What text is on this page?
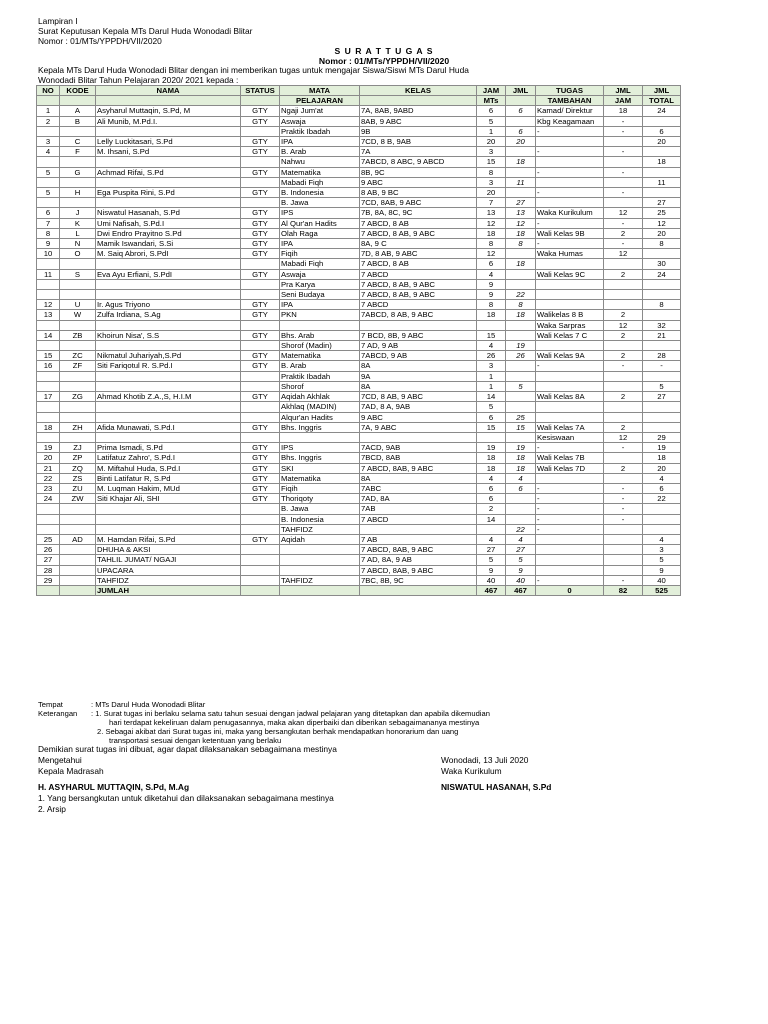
Lampiran I
Surat Keputusan Kepala MTs Darul Huda Wonodadi Blitar
Nomor : 01/MTs/YPPDH/VII/2020
S U R A T T U G A S
Nomor : 01/MTs/YPPDH/VII/2020
Kepala MTs Darul Huda Wonodadi Blitar dengan ini memberikan tugas untuk mengajar Siswa/Siswi MTs Darul Huda
Wonodadi Blitar Tahun Pelajaran 2020/ 2021 kepada :
NO	KODE	NAMA	STATUS	MATA	KELAS	JAM	JML	TUGAS	JML	JML
				PELAJARAN		MTs		TAMBAHAN	JAM	TOTAL
1	A	Asyharul Muttaqin, S.Pd, M	GTY	Ngaji Jum'at	7A, 8AB, 9ABD	6	6	Kamad/ Direktur	18	24
2	B	Ali Munib, M.Pd.I.	GTY	Aswaja	8AB, 9 ABC	5		Kbg Keagamaan	-	
				Praktik Ibadah	9B	1	6	-	-	6
3	C	Lelly Luckitasari, S.Pd	GTY	IPA	7CD, 8 B, 9AB	20	20			20
4	F	M. Ihsani, S.Pd	GTY	B. Arab	7A	3		-	-	
				Nahwu	7ABCD, 8 ABC, 9 ABCD	15	18			18
5	G	Achmad Rifai, S.Pd	GTY	Matematika	8B, 9C	8		-	-	
				Mabadi Fiqh	9 ABC	3	11			11
5	H	Ega Puspita Rini, S.Pd	GTY	B. Indonesia	8 AB, 9 BC	20		-	-	
				B. Jawa	7CD, 8AB, 9 ABC	7	27			27
6	J	Niswatul Hasanah, S.Pd	GTY	IPS	7B, 8A, 8C, 9C	13	13	Waka Kurikulum	12	25
7	K	Umi Nafisah, S.Pd.I	GTY	Al Qur'an Hadits	7 ABCD, 8 AB	12	12	-	-	12
8	L	Dwi Endro Prayitno S.Pd	GTY	Olah Raga	7 ABCD, 8 AB, 9 ABC	18	18	Wali Kelas 9B	2	20
9	N	Mamik Iswandari, S.Si	GTY	IPA	8A, 9 C	8	8	-	-	8
10	O	M. Saiq Abrori, S.PdI	GTY	Fiqih	7D, 8 AB, 9 ABC	12		Waka Humas	12	
				Mabadi Fiqh	7 ABCD, 8 AB	6	18			30
11	S	Eva Ayu Erfiani, S.PdI	GTY	Aswaja	7 ABCD	4		Wali Kelas 9C	2	24
				Pra Karya	7 ABCD, 8 AB, 9 ABC	9				
				Seni Budaya	7 ABCD, 8 AB, 9 ABC	9	22			
12	U	Ir. Agus Triyono	GTY	IPA	7 ABCD	8	8			8
13	W	Zulfa Irdiana, S.Ag	GTY	PKN	7ABCD, 8 AB, 9 ABC	18	18	Walikelas 8 B	2	
								Waka Sarpras	12	32
14	ZB	Khoirun Nisa', S.S	GTY	Bhs. Arab	7 BCD, 8B, 9 ABC	15		Wali Kelas 7 C	2	21
				Shorof (Madin)	7 AD, 9 AB	4	19			
15	ZC	Nikmatul Juhariyah,S.Pd	GTY	Matematika	7ABCD, 9 AB	26	26	Wali Kelas 9A	2	28
16	ZF	Siti Fariqotul R. S.Pd.I	GTY	B. Arab	8A	3		-	-	-
				Praktik Ibadah	9A	1				
				Shorof	8A	1	5			5
17	ZG	Ahmad Khotib Z.A.,S, H.I.M	GTY	Aqidah Akhlak	7CD, 8 AB, 9 ABC	14		Wali Kelas 8A	2	27
				Akhlaq (MADIN)	7AD, 8 A, 9AB	5				
				Alqur'an Hadits	9 ABC	6	25			
18	ZH	Afida Munawati, S.Pd.I	GTY	Bhs. Inggris	7A, 9 ABC	15	15	Wali Kelas 7A	2	
								Kesiswaan	12	29
19	ZJ	Prima Ismadi, S.Pd	GTY	IPS	7ACD, 9AB	19	19	-	-	19
20	ZP	Latifatuz Zahro', S.Pd.I	GTY	Bhs. Inggris	7BCD, 8AB	18	18	Wali Kelas 7B		18
21	ZQ	M. Miftahul Huda, S.Pd.I	GTY	SKI	7 ABCD, 8AB, 9 ABC	18	18	Wali Kelas 7D	2	20
22	ZS	Binti Latifatur R, S.Pd	GTY	Matematika	8A	4	4			4
23	ZU	M. Luqman Hakim, MUd	GTY	Fiqih	7ABC	6	6	-	-	6
24	ZW	Siti Khajar Ali, SHI	GTY	Thoriqoty	7AD, 8A	6		-	-	22
				B. Jawa	7AB	2		-	-	
				B. Indonesia	7 ABCD	14		-	-	
				TAHFIDZ			22	-		
25	AD	M. Hamdan Rifai, S.Pd	GTY	Aqidah	7 AB	4	4			4
26		DHUHA & AKSI			7 ABCD, 8AB, 9 ABC	27	27			3
27		TAHLIL JUMAT/ NGAJI			7 AD, 8A, 9 AB	5	5			5
28		UPACARA			7 ABCD, 8AB, 9 ABC	9	9			9
29		TAHFIDZ		TAHFIDZ	7BC, 8B, 9C	40	40	-	-	40
		JUMLAH				467	467	0	82	525
Tempat	: MTs Darul Huda Wonodadi Blitar
Keterangan : 1. Surat tugas ini berlaku selama satu tahun sesuai dengan jadwal pelajaran yang ditetapkan dan apabila dikemudian
hari terdapat kekeliruan dalam penugasannya, maka akan diperbaiki dan diberikan sebagaimananya mestinya
2. Sebagai akibat dari Surat tugas ini, maka yang bersangkutan berhak mendapatkan honorarium dan uang
transportasi sesuai dengan ketentuan yang berlaku
Demikian surat tugas ini dibuat, agar dapat dilaksanakan sebagaimana mestinya
Mengetahui
Kepala Madrasah
Wonodadi, 13 Juli 2020
Waka Kurikulum
H. ASYHARUL MUTTAQIN, S.Pd, M.Ag	NISWATUL HASANAH, S.Pd
1. Yang bersangkutan untuk diketahui dan dilaksanakan sebagaimana mestinya
2. Arsip
